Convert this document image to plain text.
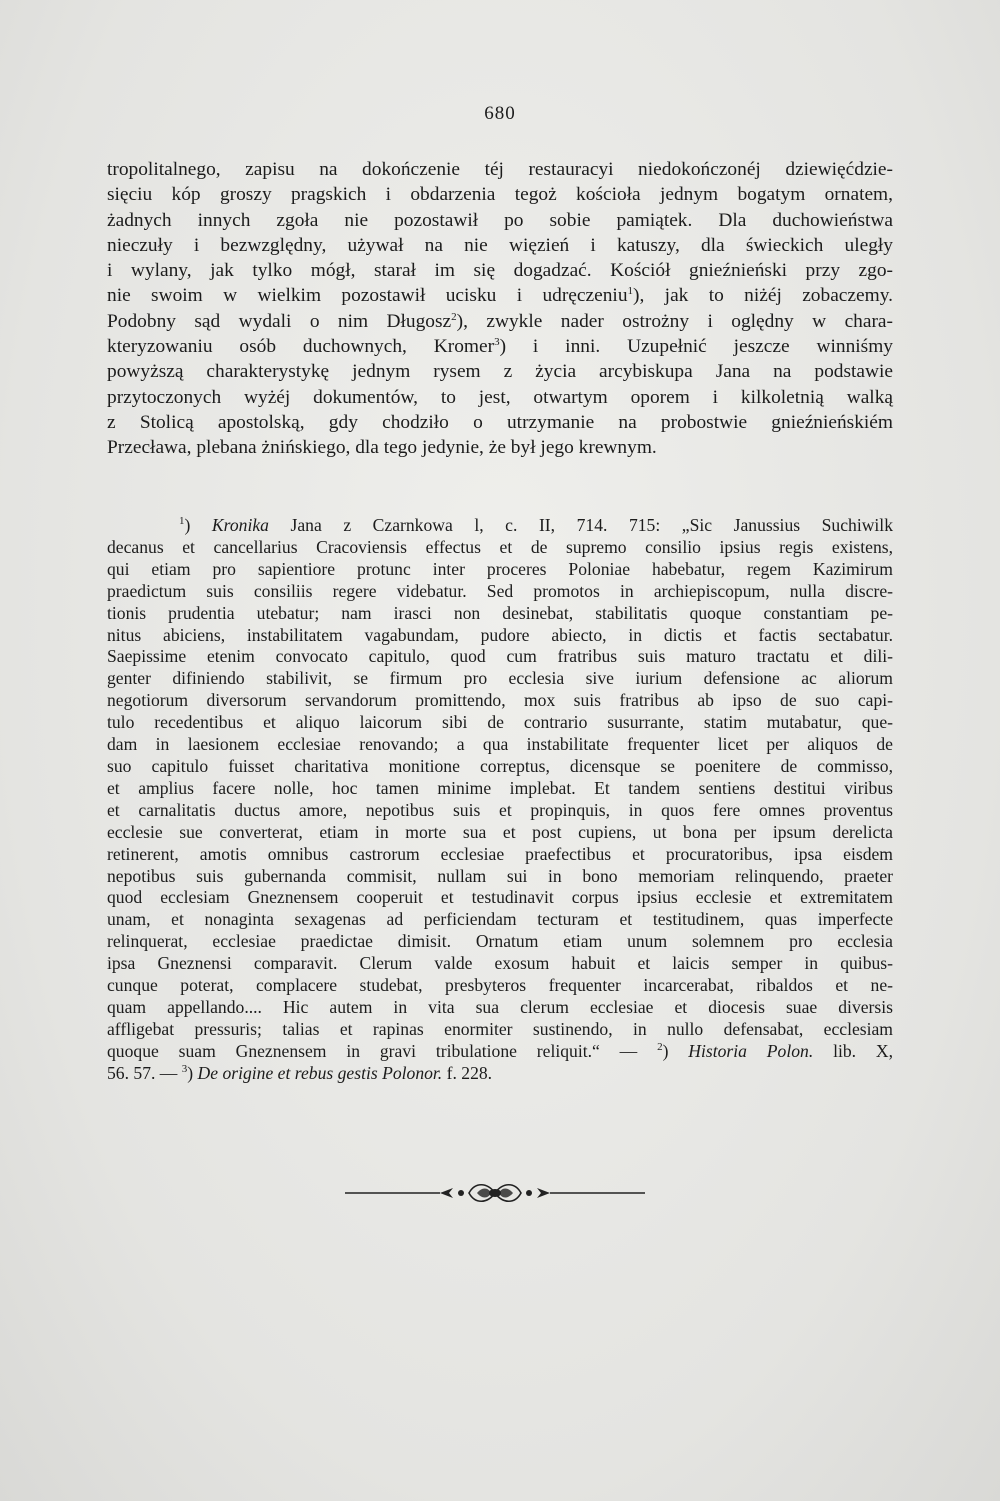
680
tropolitalnego, zapisu na dokończenie téj restauracyi niedokończonéj dziewięćdzie-
sięciu kóp groszy pragskich i obdarzenia tegoż kościoła jednym bogatym ornatem,
żadnych innych zgoła nie pozostawił po sobie pamiątek. Dla duchowieństwa
nieczuły i bezwzględny, używał na nie więzień i katuszy, dla świeckich uległy
i wylany, jak tylko mógł, starał im się dogadzać. Kościół gnieźnieński przy zgo-
nie swoim w wielkim pozostawił ucisku i udręczeniu$^1$), jak to niżéj zobaczemy.
Podobny sąd wydali o nim Długosz$^2$), zwykle nader ostrożny i oględny w chara-
kteryzowaniu osób duchownych, Kromer$^3$) i inni. Uzupełnić jeszcze winniśmy
powyższą charakterystykę jednym rysem z życia arcybiskupa Jana na podstawie
przytoczonych wyżéj dokumentów, to jest, otwartym oporem i kilkoletnią walką
z Stolicą apostolską, gdy chodziło o utrzymanie na probostwie gnieźnieńskiém
Przecława, plebana żnińskiego, dla tego jedynie, że był jego krewnym.
$^1$) Kronika Jana z Czarnkowa l, c. II, 714. 715: „Sic Janussius Suchiwilk
decanus et cancellarius Cracoviensis effectus et de supremo consilio ipsius regis existens,
qui etiam pro sapientiore protunc inter proceres Poloniae habebatur, regem Kazimirum
praedictum suis consiliis regere videbatur. Sed promotos in archiepiscopum, nulla discre-
tionis prudentia utebatur; nam irasci non desinebat, stabilitatis quoque constantiam pe-
nitus abiciens, instabilitatem vagabundam, pudore abiecto, in dictis et factis sectabatur.
Saepissime etenim convocato capitulo, quod cum fratribus suis maturo tractatu et dili-
genter difiniendo stabilivit, se firmum pro ecclesia sive iurium defensione ac aliorum
negotiorum diversorum servandorum promittendo, mox suis fratribus ab ipso de suo capi-
tulo recedentibus et aliquo laicorum sibi de contrario susurrante, statim mutabatur, que-
dam in laesionem ecclesiae renovando; a qua instabilitate frequenter licet per aliquos de
suo capitulo fuisset charitativa monitione correptus, dicensque se poenitere de commisso,
et amplius facere nolle, hoc tamen minime implebat. Et tandem sentiens destitui viribus
et carnalitatis ductus amore, nepotibus suis et propinquis, in quos fere omnes proventus
ecclesie sue converterat, etiam in morte sua et post cupiens, ut bona per ipsum derelicta
retinerent, amotis omnibus castrorum ecclesiae praefectibus et procuratoribus, ipsa eisdem
nepotibus suis gubernanda commisit, nullam sui in bono memoriam relinquendo, praeter
quod ecclesiam Gneznensem cooperuit et testudinavit corpus ipsius ecclesie et extremitatem
unam, et nonaginta sexagenas ad perficiendam tecturam et testitudinem, quas imperfecte
relinquerat, ecclesiae praedictae dimisit. Ornatum etiam unum solemnem pro ecclesia
ipsa Gneznensi comparavit. Clerum valde exosum habuit et laicis semper in quibus-
cunque poterat, complacere studebat, presbyteros frequenter incarcerabat, ribaldos et ne-
quam appellando.... Hic autem in vita sua clerum ecclesiae et diocesis suae diversis
affligebat pressuris; talias et rapinas enormiter sustinendo, in nullo defensabat, ecclesiam
quoque suam Gneznensem in gravi tribulatione reliquit.“ — $^2$) Historia Polon. lib. X,
56. 57. — $^3$) De origine et rebus gestis Polonor. f. 228.
